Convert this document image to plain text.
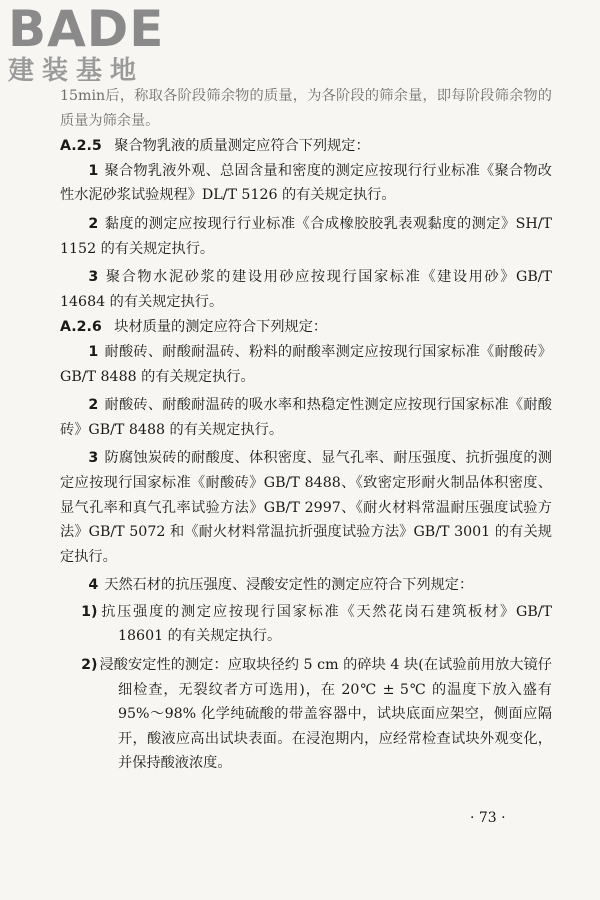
BADE
建装基地

15min后，称取各阶段筛余物的质量，为各阶段的筛余量，即每阶段筛余物的质量为筛余量。

A.2.5 聚合物乳液的质量测定应符合下列规定：

1 聚合物乳液外观、总固含量和密度的测定应按现行行业标准《聚合物改性水泥砂浆试验规程》DL/T 5126 的有关规定执行。

2 黏度的测定应按现行行业标准《合成橡胶胶乳表观黏度的测定》SH/T 1152 的有关规定执行。

3 聚合物水泥砂浆的建设用砂应按现行国家标准《建设用砂》GB/T 14684 的有关规定执行。

A.2.6 块材质量的测定应符合下列规定：

1 耐酸砖、耐酸耐温砖、粉料的耐酸率测定应按现行国家标准《耐酸砖》GB/T 8488 的有关规定执行。

2 耐酸砖、耐酸耐温砖的吸水率和热稳定性测定应按现行国家标准《耐酸砖》GB/T 8488 的有关规定执行。

3 防腐蚀炭砖的耐酸度、体积密度、显气孔率、耐压强度、抗折强度的测定应按现行国家标准《耐酸砖》GB/T 8488、《致密定形耐火制品体积密度、显气孔率和真气孔率试验方法》GB/T 2997、《耐火材料常温耐压强度试验方法》GB/T 5072 和《耐火材料常温抗折强度试验方法》GB/T 3001 的有关规定执行。

4 天然石材的抗压强度、浸酸安定性的测定应符合下列规定：

1) 抗压强度的测定应按现行国家标准《天然花岗石建筑板材》GB/T 18601 的有关规定执行。

2) 浸酸安定性的测定：应取块径约 5 cm 的碎块 4 块(在试验前用放大镜仔细检查，无裂纹者方可选用)，在 20℃ ± 5℃ 的温度下放入盛有 95%～98% 化学纯硫酸的带盖容器中，试块底面应架空，侧面应隔开，酸液应高出试块表面。在浸泡期内，应经常检查试块外观变化，并保持酸液浓度。

· 73 ·
